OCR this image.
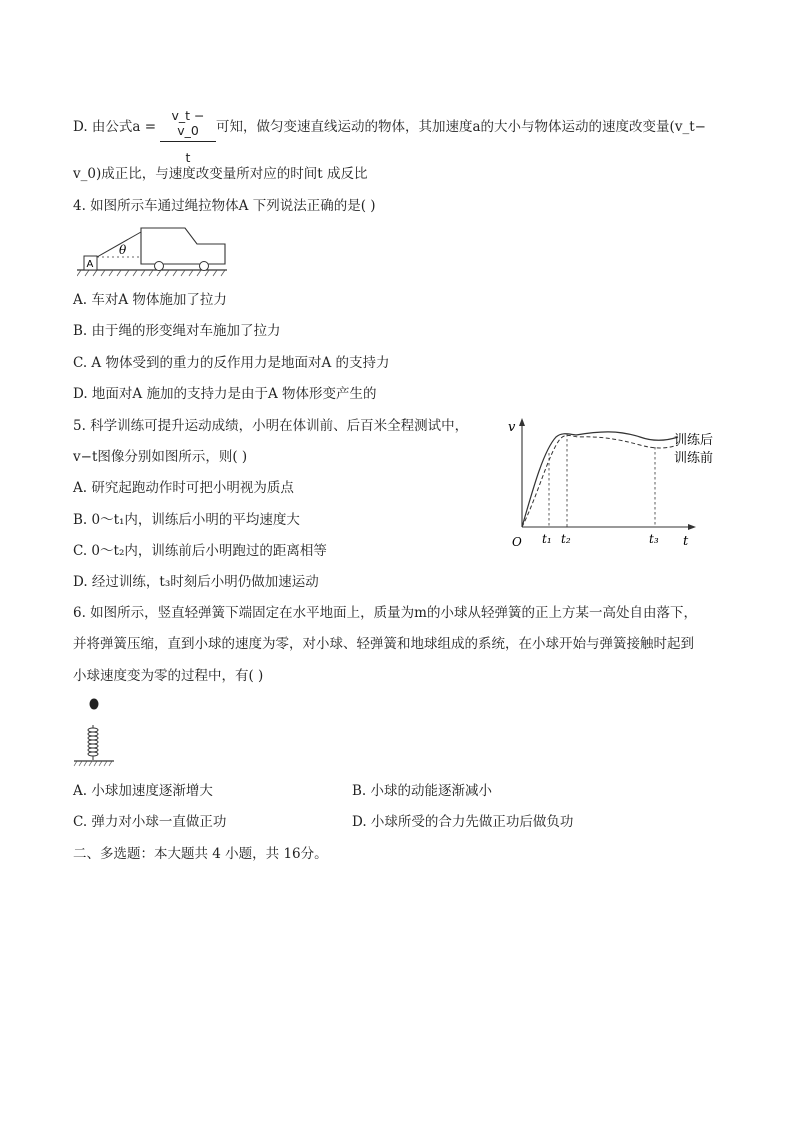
D. 由公式$a = \frac{v\_t - v\_0}{t}$ 可知，做匀变速直线运动的物体，其加速度a的大小与物体运动的速度改变量(v_t−
v_0)成正比，与速度改变量所对应的时间t 成反比
4. 如图所示车通过绳拉物体A 下列说法正确的是( )
A
θ
A. 车对A 物体施加了拉力
B. 由于绳的形变绳对车施加了拉力
C. A 物体受到的重力的反作用力是地面对A 的支持力
D. 地面对A 施加的支持力是由于A 物体形变产生的
5. 科学训练可提升运动成绩，小明在体训前、后百米全程测试中，
v−t图像分别如图所示，则( )
A. 研究起跑动作时可把小明视为质点
B. 0～t₁内，训练后小明的平均速度大
C. 0～t₂内，训练前后小明跑过的距离相等
D. 经过训练，t₃时刻后小明仍做加速运动
v
t
O t₁ t₂	t₃
训练后
训练前
6. 如图所示，竖直轻弹簧下端固定在水平地面上，质量为m的小球从轻弹簧的正上方某一高处自由落下，
并将弹簧压缩，直到小球的速度为零，对小球、轻弹簧和地球组成的系统，在小球开始与弹簧接触时起到
小球速度变为零的过程中，有( )
A. 小球加速度逐渐增大	B. 小球的动能逐渐减小
C. 弹力对小球一直做正功	D. 小球所受的合力先做正功后做负功
二、多选题：本大题共 4 小题，共 16分。
